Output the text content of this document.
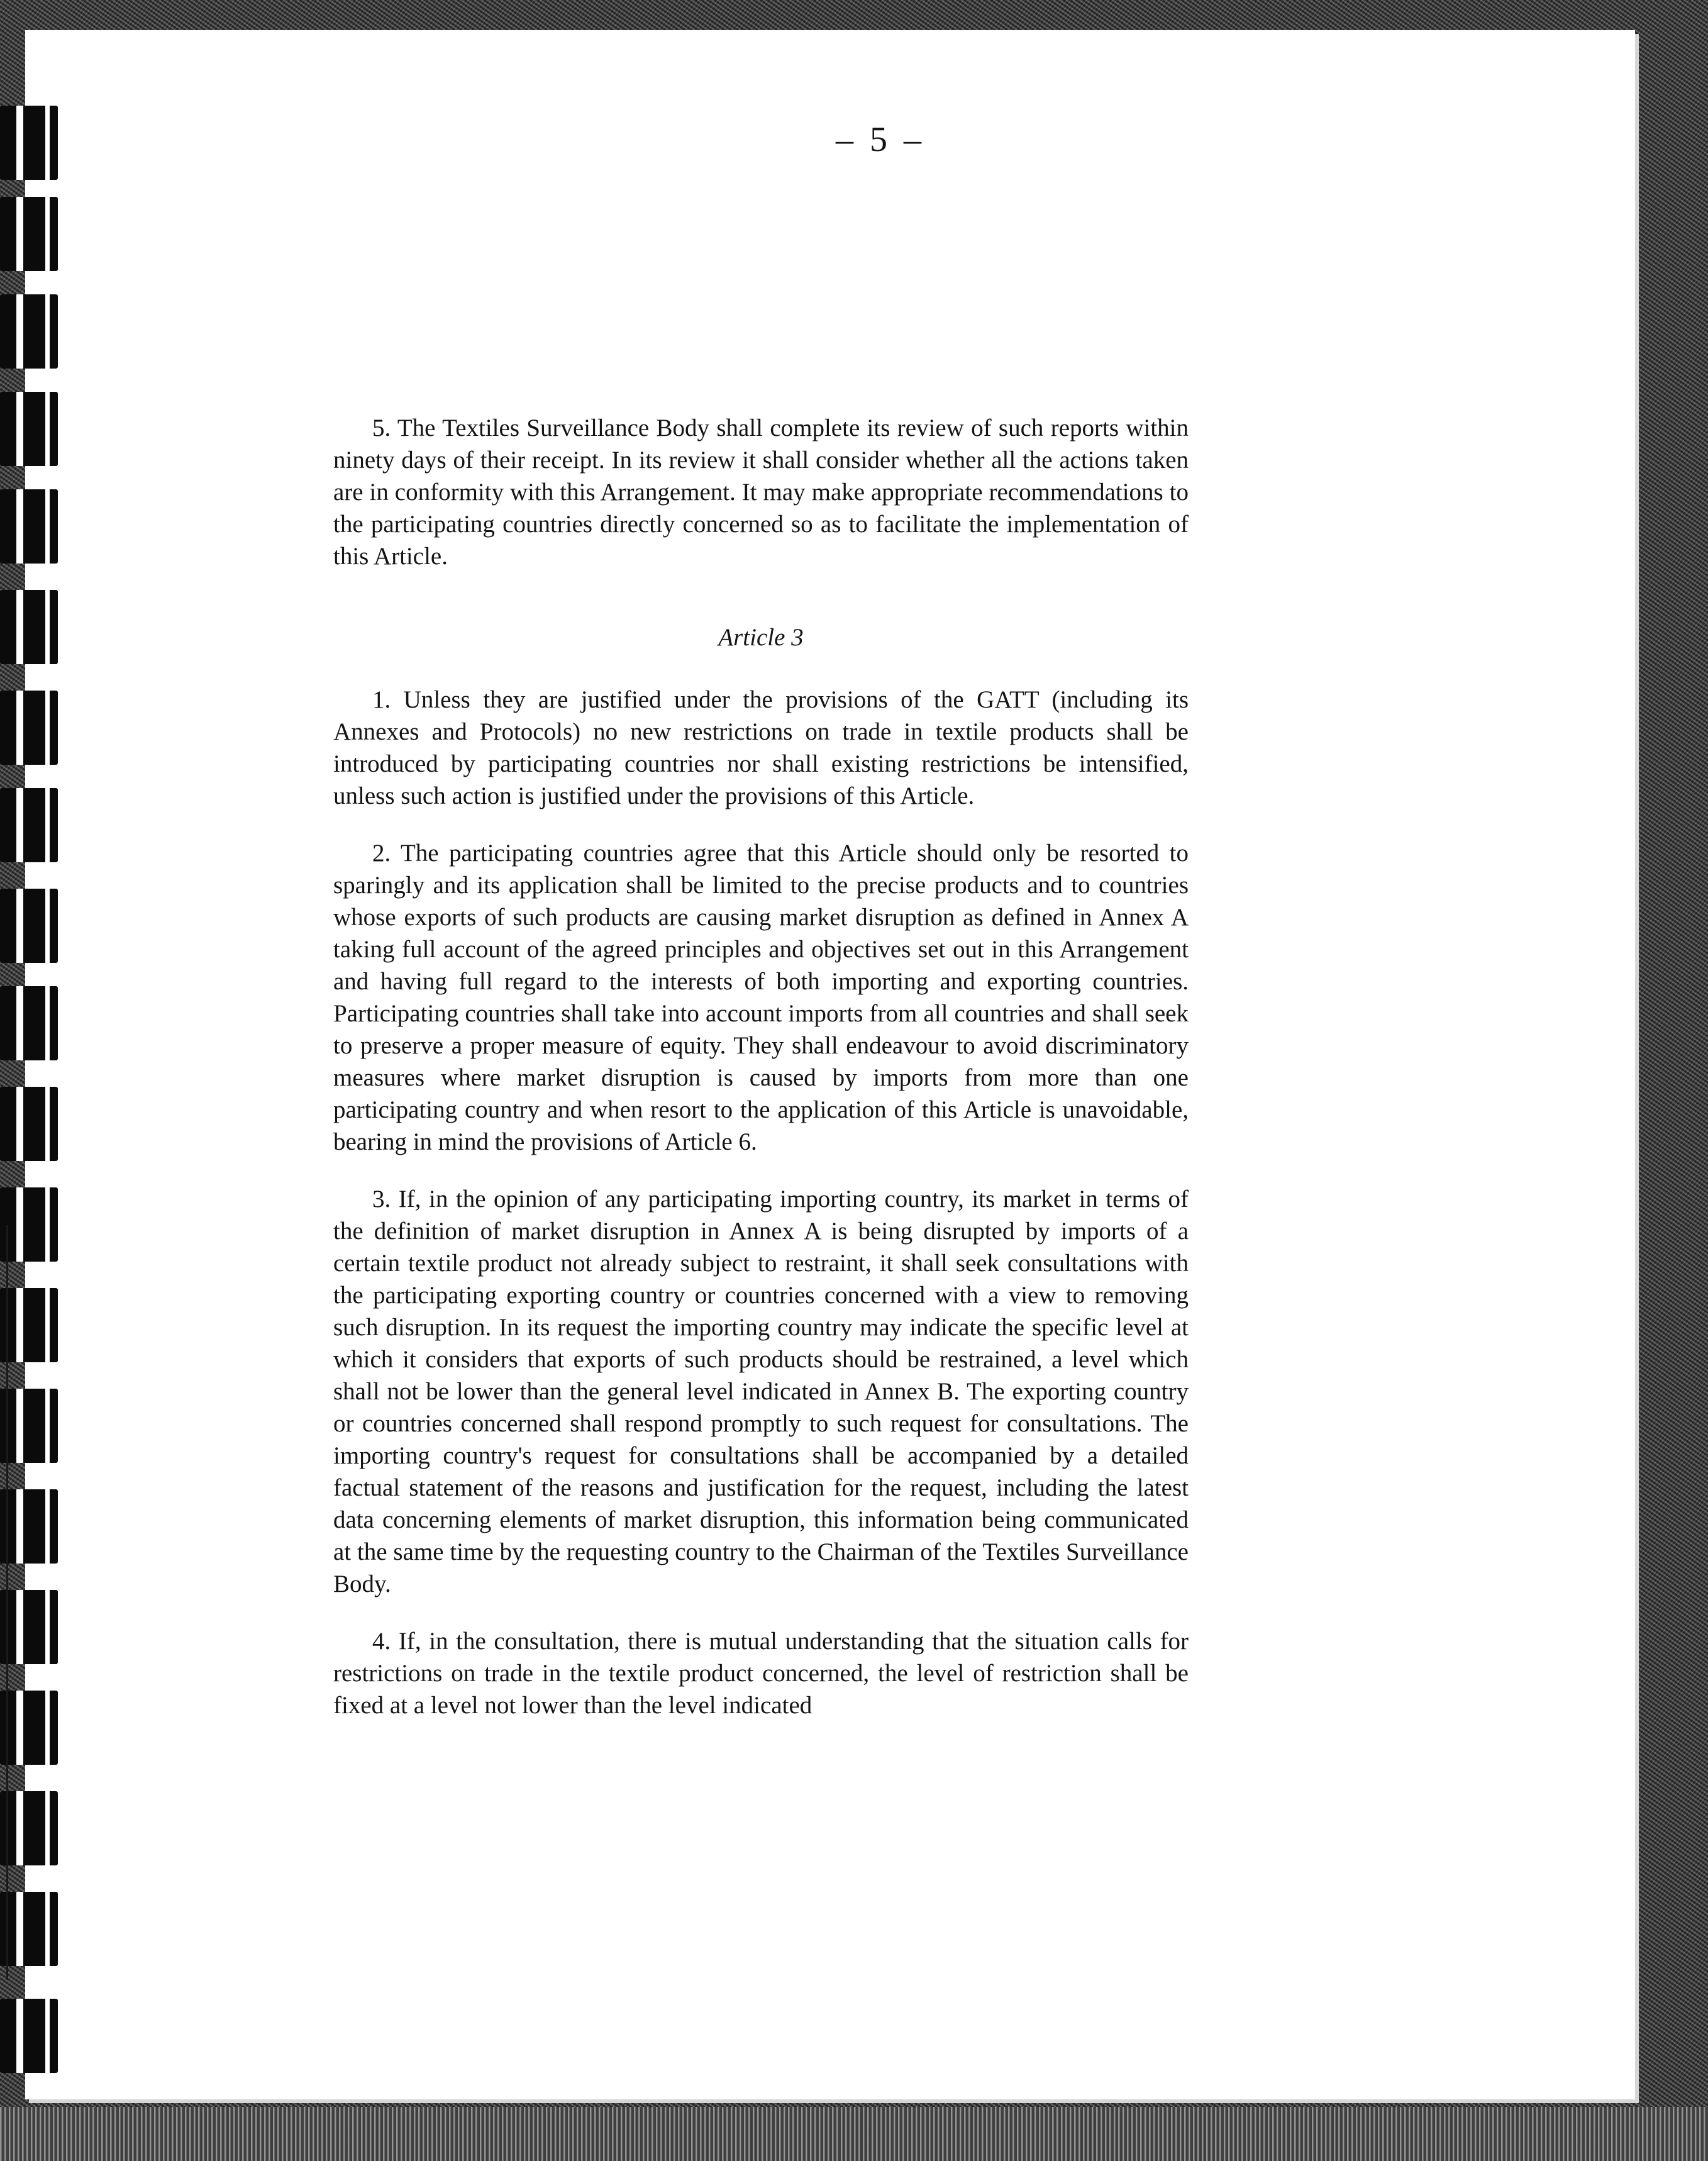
– 5 –

5. The Textiles Surveillance Body shall complete its review of such reports within ninety days of their receipt. In its review it shall consider whether all the actions taken are in conformity with this Arrangement. It may make appropriate recommendations to the participating countries directly concerned so as to facilitate the implementation of this Article.

Article 3

1. Unless they are justified under the provisions of the GATT (including its Annexes and Protocols) no new restrictions on trade in textile products shall be introduced by participating countries nor shall existing restrictions be intensified, unless such action is justified under the provisions of this Article.

2. The participating countries agree that this Article should only be resorted to sparingly and its application shall be limited to the precise products and to countries whose exports of such products are causing market disruption as defined in Annex A taking full account of the agreed principles and objectives set out in this Arrangement and having full regard to the interests of both importing and exporting countries. Participating countries shall take into account imports from all countries and shall seek to preserve a proper measure of equity. They shall endeavour to avoid discriminatory measures where market disruption is caused by imports from more than one participating country and when resort to the application of this Article is unavoidable, bearing in mind the provisions of Article 6.

3. If, in the opinion of any participating importing country, its market in terms of the definition of market disruption in Annex A is being disrupted by imports of a certain textile product not already subject to restraint, it shall seek consultations with the participating exporting country or countries concerned with a view to removing such disruption. In its request the importing country may indicate the specific level at which it considers that exports of such products should be restrained, a level which shall not be lower than the general level indicated in Annex B. The exporting country or countries concerned shall respond promptly to such request for consultations. The importing country's request for consultations shall be accompanied by a detailed factual statement of the reasons and justification for the request, including the latest data concerning elements of market disruption, this information being communicated at the same time by the requesting country to the Chairman of the Textiles Surveillance Body.

4. If, in the consultation, there is mutual understanding that the situation calls for restrictions on trade in the textile product concerned, the level of restriction shall be fixed at a level not lower than the level indicated
